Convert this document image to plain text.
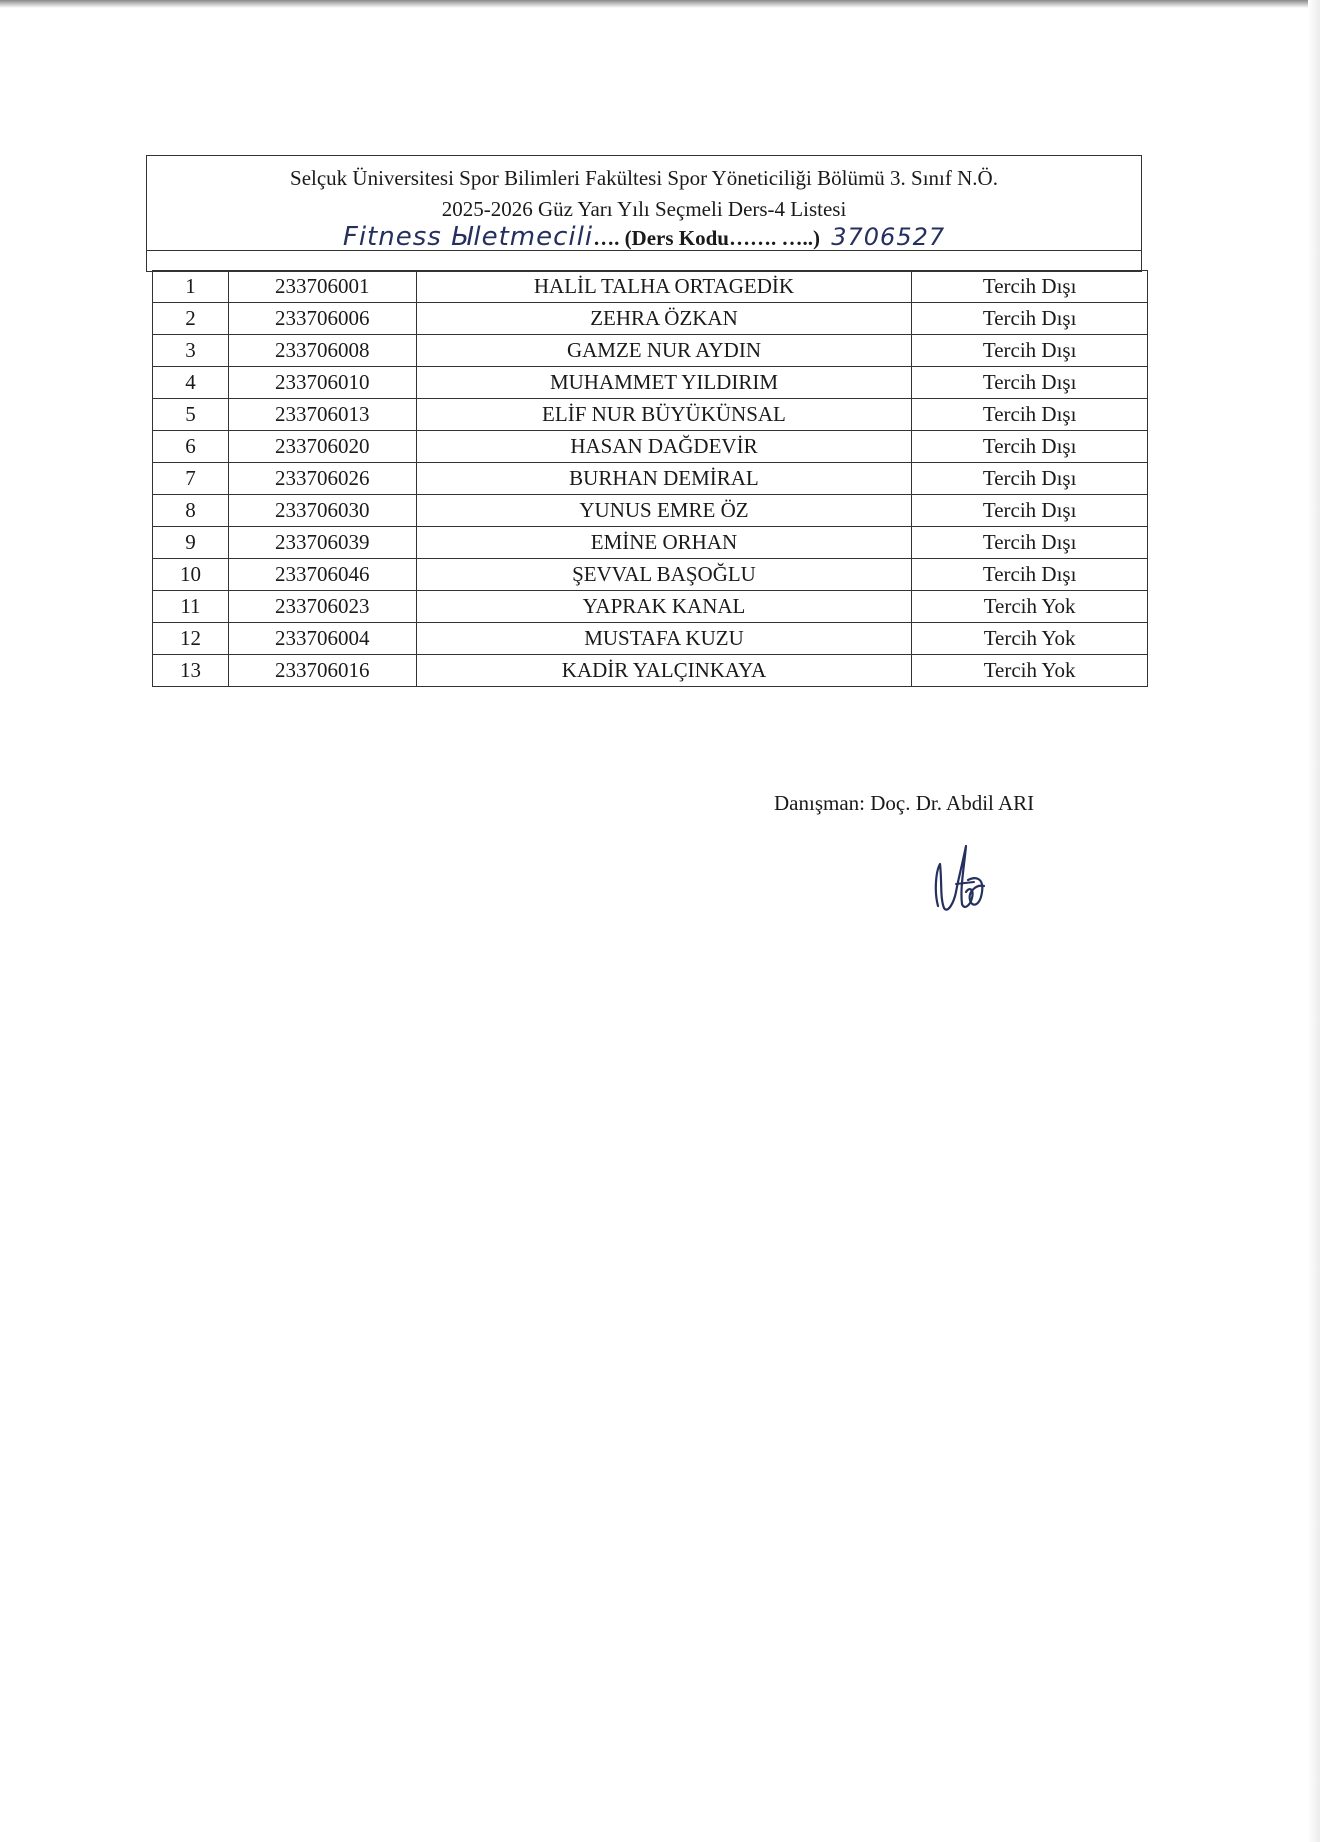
Selçuk Üniversitesi Spor Bilimleri Fakültesi Spor Yöneticiliği Bölümü 3. Sınıf N.Ö.
2025-2026 Güz Yarı Yılı Seçmeli Ders-4 Listesi
Fitness Ыletmecili…. (Ders Kodu……. …..) 3706527
1	233706001	HALİL TALHA ORTAGEDİK	Tercih Dışı
2	233706006	ZEHRA ÖZKAN	Tercih Dışı
3	233706008	GAMZE NUR AYDIN	Tercih Dışı
4	233706010	MUHAMMET YILDIRIM	Tercih Dışı
5	233706013	ELİF NUR BÜYÜKÜNSAL	Tercih Dışı
6	233706020	HASAN DAĞDEVİR	Tercih Dışı
7	233706026	BURHAN DEMİRAL	Tercih Dışı
8	233706030	YUNUS EMRE ÖZ	Tercih Dışı
9	233706039	EMİNE ORHAN	Tercih Dışı
10	233706046	ŞEVVAL BAŞOĞLU	Tercih Dışı
11	233706023	YAPRAK KANAL	Tercih Yok
12	233706004	MUSTAFA KUZU	Tercih Yok
13	233706016	KADİR YALÇINKAYA	Tercih Yok
Danışman: Doç. Dr. Abdil ARI
